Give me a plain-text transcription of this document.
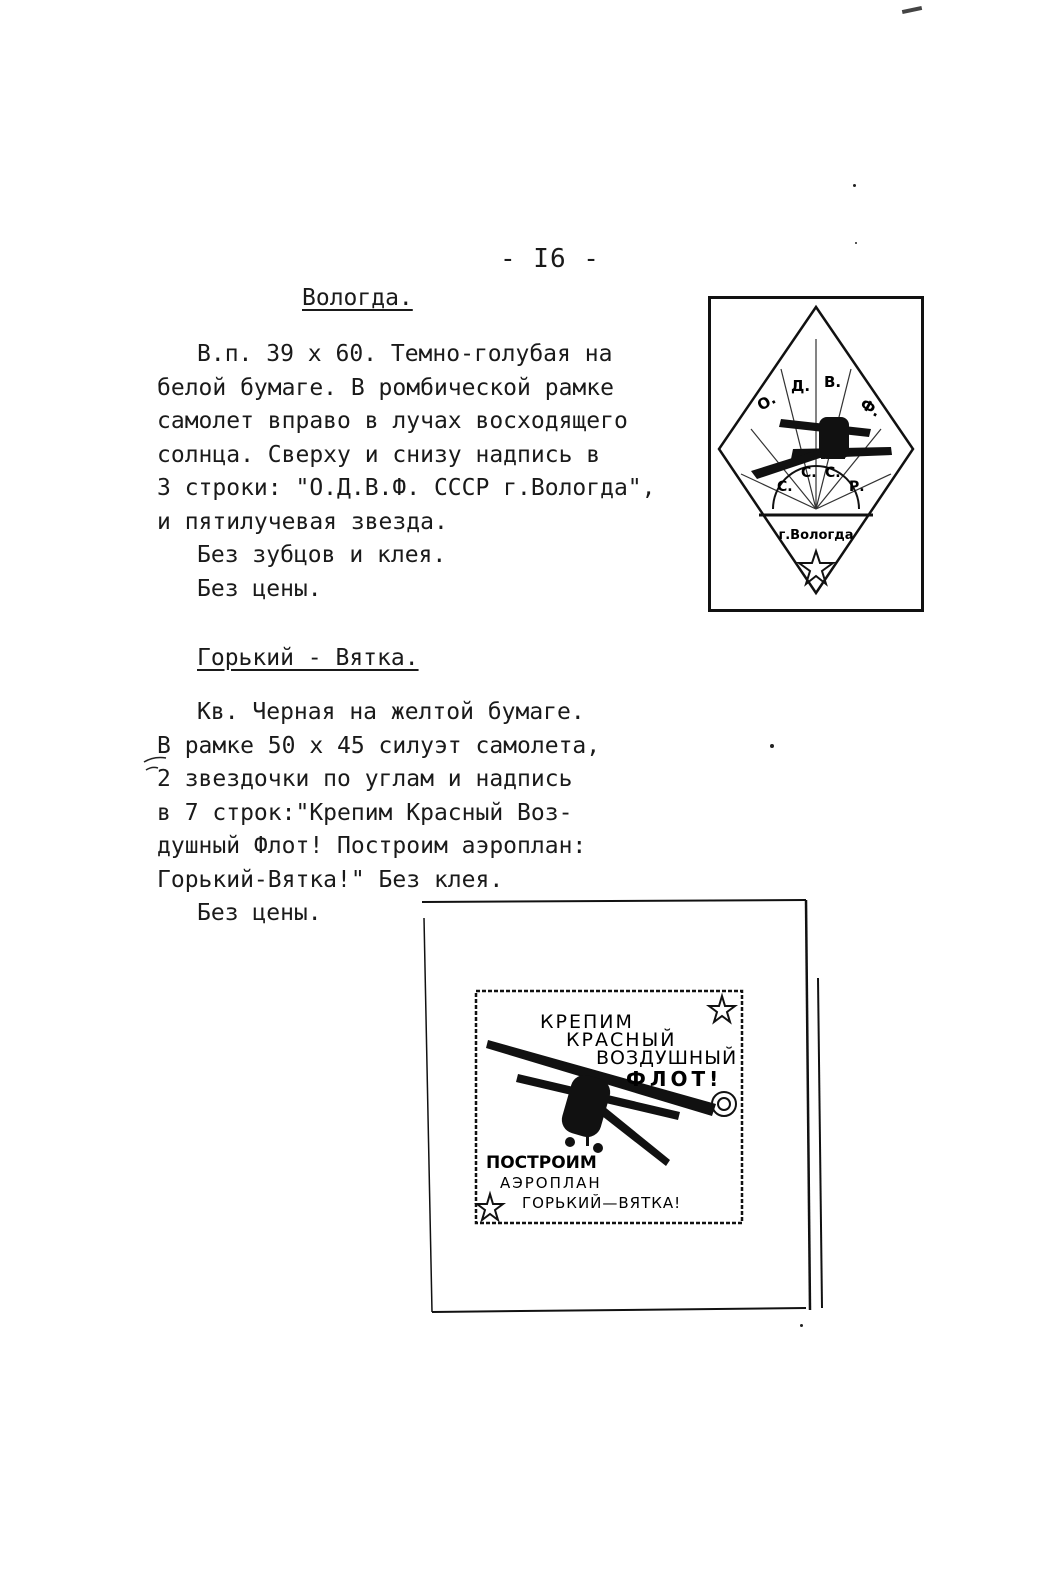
- I6 -
Вологда.
В.п. 39 х 60. Темно-голубая на
белой бумаге. В ромбической рамке
самолет вправо в лучах восходящего
солнца. Сверху и снизу надпись в
3 строки: "О.Д.В.Ф. СССР г.Вологда",
и пятилучевая звезда.
Без зубцов и клея.
Без цены.
Горький - Вятка.
Кв. Черная на желтой бумаге.
В рамке 50 х 45 силуэт самолета,
2 звездочки по углам и надпись
в 7 строк:"Крепим Красный Воз-
душный Флот! Построим аэроплан:
Горький-Вятка!" Без клея.
Без цены.
О.
Д. В.
Ф.
С.
С. С.
Р.
г.Вологда
КРЕПИМ
КРАСНЫЙ
ВОЗДУШНЫЙ
ФЛОТ!
ПОСТРОИМ
АЭРОПЛАН
ГОРЬКИЙ—ВЯТКА!
